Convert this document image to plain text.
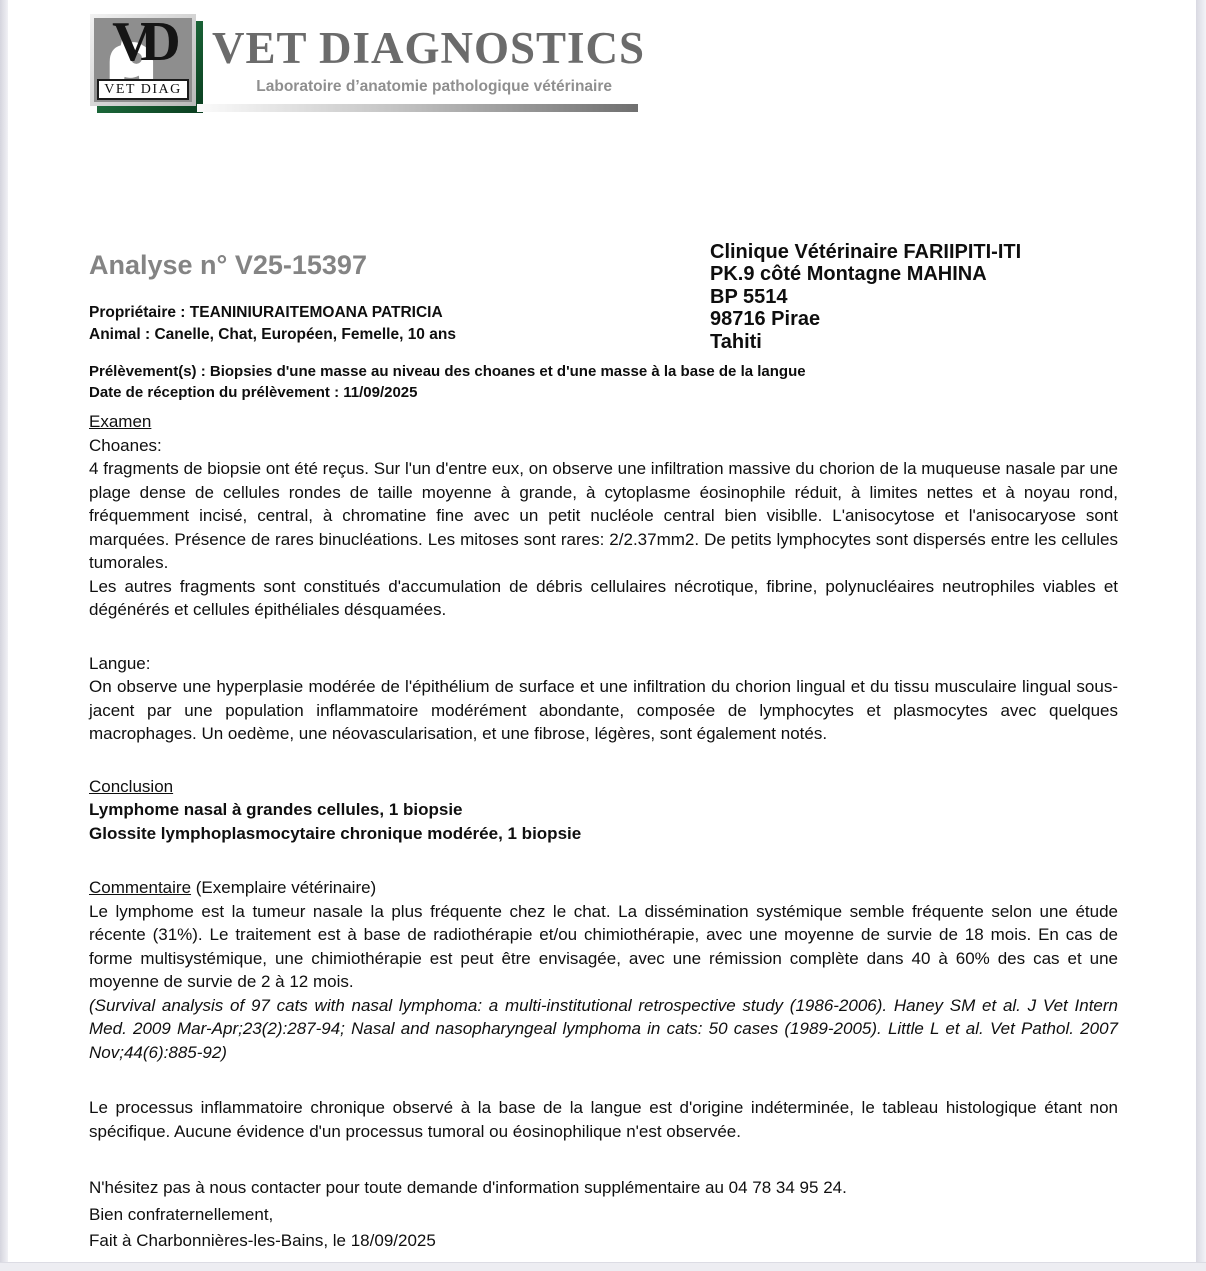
VD
VET DIAG
VET DIAGNOSTICS
Laboratoire d’anatomie pathologique vétérinaire
Analyse n° V25-15397
Propriétaire : TEANINIURAITEMOANA PATRICIA
Animal : Canelle, Chat, Européen, Femelle, 10 ans
Clinique Vétérinaire FARIIPITI-ITI
PK.9 côté Montagne MAHINA
BP 5514
98716 Pirae
Tahiti
Prélèvement(s) : Biopsies d'une masse au niveau des choanes et d'une masse à la base de la langue
Date de réception du prélèvement : 11/09/2025
Examen
Choanes:
4 fragments de biopsie ont été reçus. Sur l'un d'entre eux, on observe une infiltration massive du chorion de la muqueuse nasale par une plage dense de cellules rondes de taille moyenne à grande, à cytoplasme éosinophile réduit, à limites nettes et à noyau rond, fréquemment incisé, central, à chromatine fine avec un petit nucléole central bien visiblle. L'anisocytose et l'anisocaryose sont marquées. Présence de rares binucléations. Les mitoses sont rares: 2/2.37mm2. De petits lymphocytes sont dispersés entre les cellules tumorales.
Les autres fragments sont constitués d'accumulation de débris cellulaires nécrotique, fibrine, polynucléaires neutrophiles viables et dégénérés et cellules épithéliales désquamées.
Langue:
On observe une hyperplasie modérée de l'épithélium de surface et une infiltration du chorion lingual et du tissu musculaire lingual sous-jacent par une population inflammatoire modérément abondante, composée de lymphocytes et plasmocytes avec quelques macrophages. Un oedème, une néovascularisation, et une fibrose, légères, sont également notés.
Conclusion
Lymphome nasal à grandes cellules, 1 biopsie
Glossite lymphoplasmocytaire chronique modérée, 1 biopsie
Commentaire (Exemplaire vétérinaire)
Le lymphome est la tumeur nasale la plus fréquente chez le chat. La dissémination systémique semble fréquente selon une étude récente (31%). Le traitement est à base de radiothérapie et/ou chimiothérapie, avec une moyenne de survie de 18 mois. En cas de forme multisystémique, une chimiothérapie est peut être envisagée, avec une rémission complète dans 40 à 60% des cas et une moyenne de survie de 2 à 12 mois.
(Survival analysis of 97 cats with nasal lymphoma: a multi-institutional retrospective study (1986-2006). Haney SM et al. J Vet Intern Med. 2009 Mar-Apr;23(2):287-94; Nasal and nasopharyngeal lymphoma in cats: 50 cases (1989-2005). Little L et al. Vet Pathol. 2007 Nov;44(6):885-92)
Le processus inflammatoire chronique observé à la base de la langue est d'origine indéterminée, le tableau histologique étant non spécifique. Aucune évidence d'un processus tumoral ou éosinophilique n'est observée.
N'hésitez pas à nous contacter pour toute demande d'information supplémentaire au 04 78 34 95 24.
Bien confraternellement,
Fait à Charbonnières-les-Bains, le 18/09/2025
